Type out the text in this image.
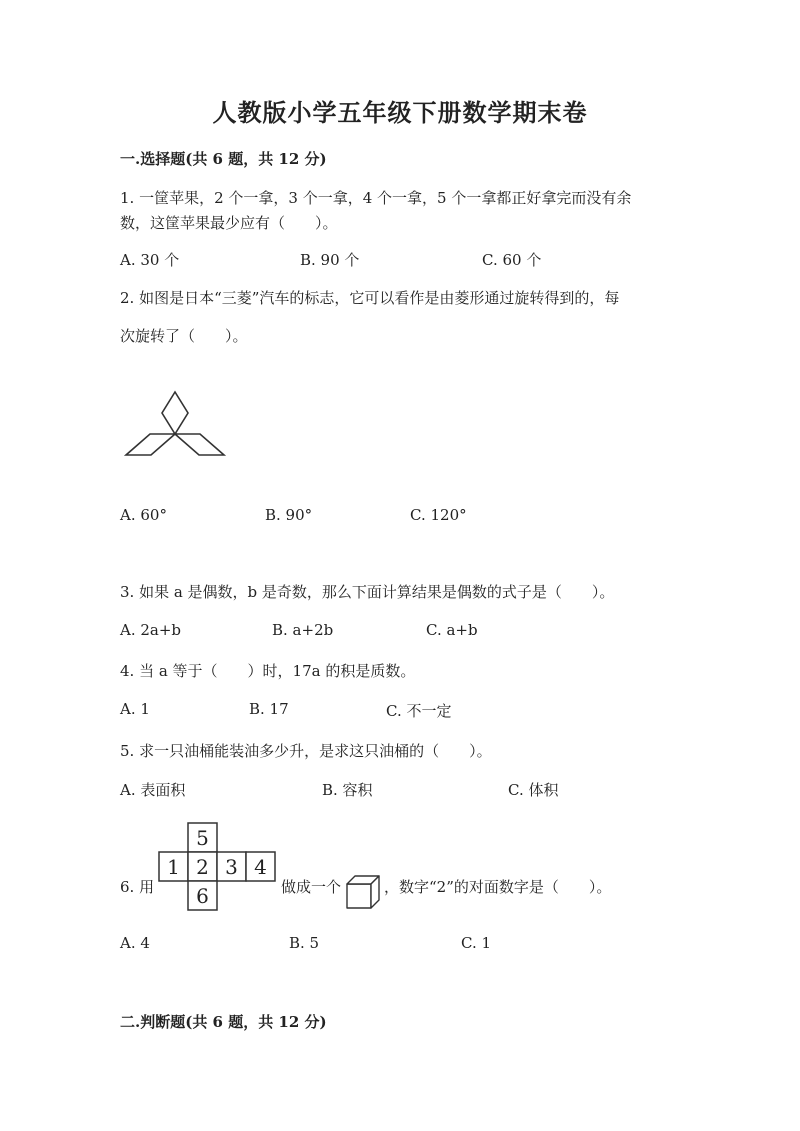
人教版小学五年级下册数学期末卷
一.选择题(共 6 题，共 12 分)
1. 一筐苹果，2 个一拿，3 个一拿，4 个一拿，5 个一拿都正好拿完而没有余
数，这筐苹果最少应有（　　）。
A. 30 个	B. 90 个	C. 60 个
2. 如图是日本“三菱”汽车的标志，它可以看作是由菱形通过旋转得到的，每
次旋转了（　　）。
A. 60°	B. 90°	C. 120°
3. 如果 a 是偶数，b 是奇数，那么下面计算结果是偶数的式子是（　　）。
A. 2a+b	B. a+2b	C. a+b
4. 当 a 等于（　　）时，17a 的积是质数。
A. 1	B. 17	C. 不一定
5. 求一只油桶能装油多少升，是求这只油桶的（　　）。
A. 表面积	B. 容积	C. 体积
6. 用
5
1 2 3 4
6	做成一个	，数字“2”的对面数字是（　　）。
A. 4	B. 5	C. 1
二.判断题(共 6 题，共 12 分)
